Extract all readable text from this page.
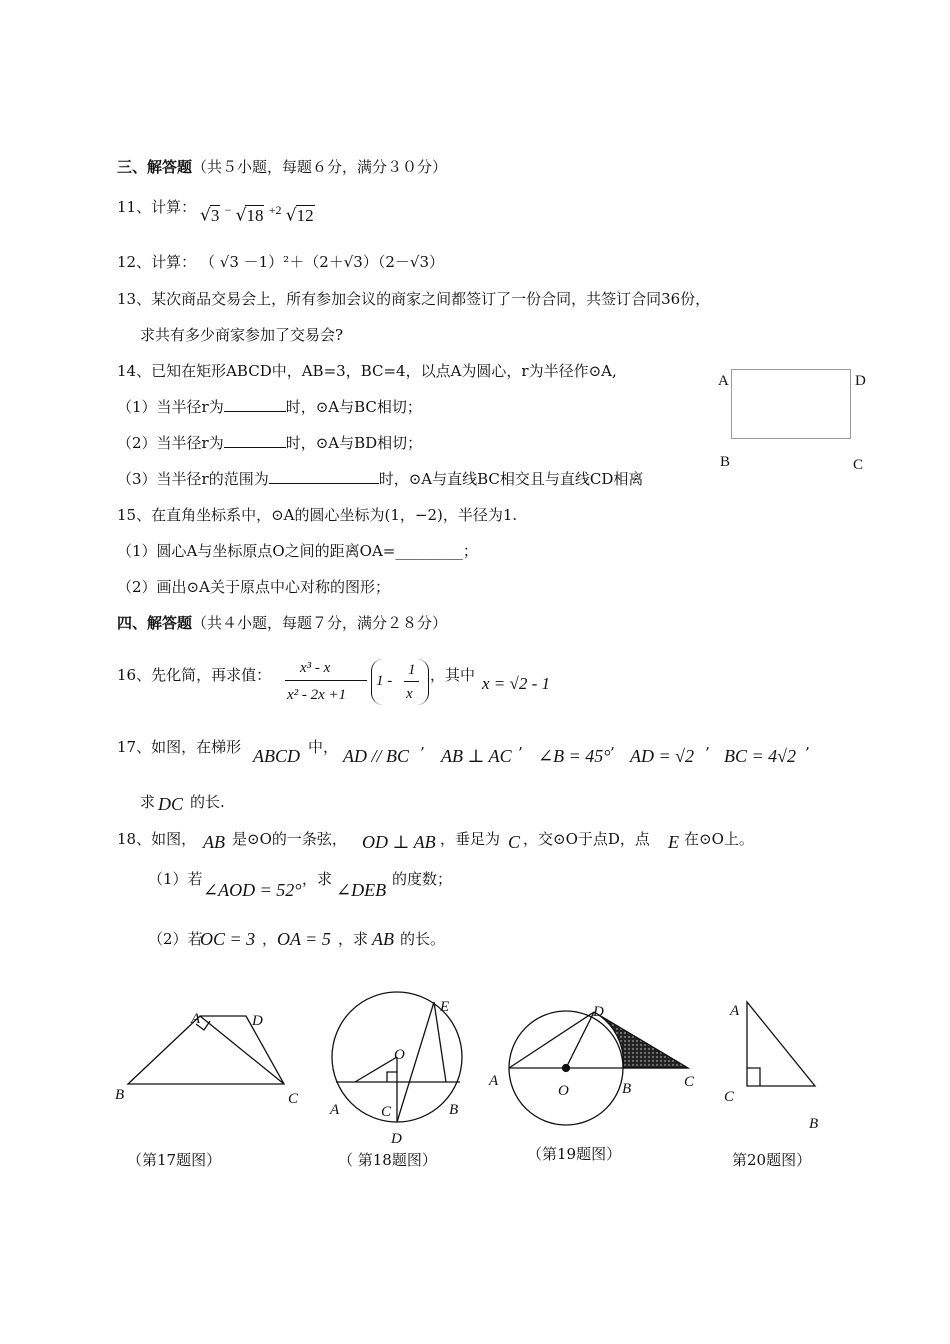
三、解答题（共５小题，每题６分，满分３０分）
11、计算： √3 − √18 $^{+2}$ √12
12、计算： （ √3 －1）²＋（2＋√3）（2－√3）
13、某次商品交易会上，所有参加会议的商家之间都签订了一份合同，共签订合同36份，
求共有多少商家参加了交易会?
14、已知在矩形ABCD中，AB=3，BC=4，以点A为圆心，r为半径作⊙A,
（1）当半径r为	时，⊙A与BC相切；
（2）当半径r为	时，⊙A与BD相切；
（3）当半径r的范围为	时，⊙A与直线BC相交且与直线CD相离
A	D
B	C
15、在直角坐标系中，⊙A的圆心坐标为(1，−2)，半径为1.
（1）圆心A与坐标原点O之间的距离OA=_________；
（2）画出⊙A关于原点中心对称的图形；
四、解答题（共４小题，每题７分，满分２８分）
16、先化简，再求值： x³ - x
x² - 2x +1
1 -
1
x
，其中 x = √2 - 1
17、如图，在梯形 ABCD 中， AD // BC ’ AB ⊥ AC ’ ∠B = 45° ’ AD = √2 ’ BC = 4√2 ’
求 DC 的长.
18、如图， AB 是⊙O的一条弦， OD ⊥ AB ，垂足为 C ，交⊙O于点D，点 E 在⊙O上。
（1）若
∠AOD = 52°
，求
∠DEB
的度数；
（2）若
OC = 3 ， OA = 5 ，求 AB 的长。
A	D
B	C
（第17题图）
E
O
A	C	B
D
（ 第18题图）
D
A
O	B	C
（第19题图）
A
C
B
第20题图）
